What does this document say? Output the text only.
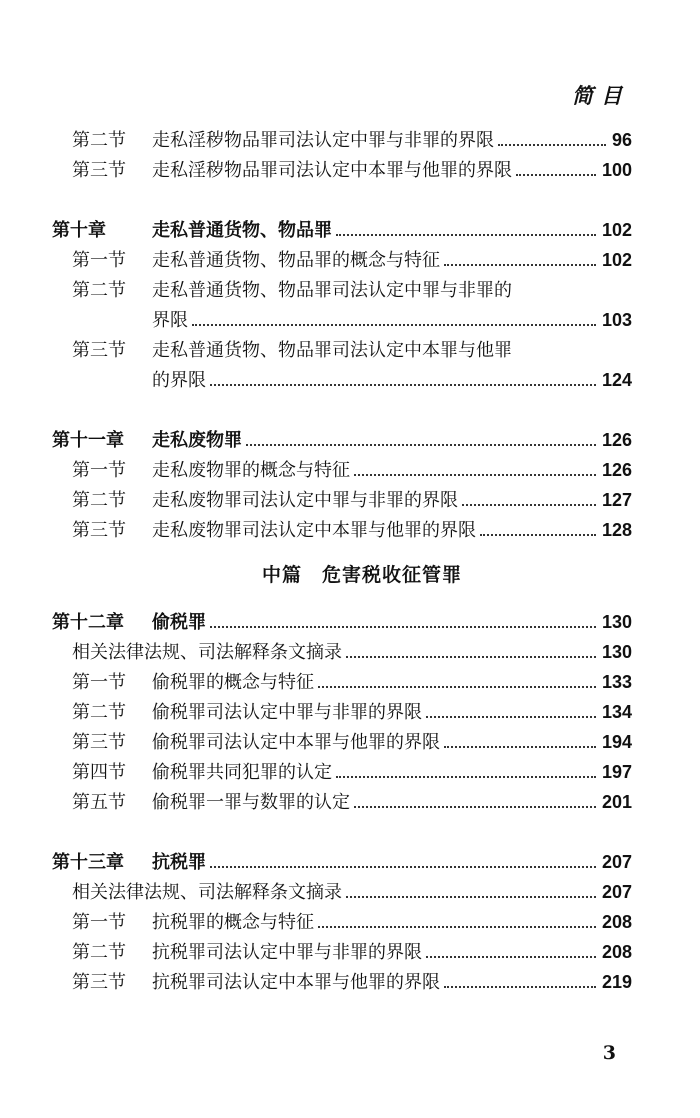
简目
第二节 走私淫秽物品罪司法认定中罪与非罪的界限	96
第三节 走私淫秽物品罪司法认定中本罪与他罪的界限	100
第十章	走私普通货物、物品罪	102
第一节 走私普通货物、物品罪的概念与特征	102
第二节 走私普通货物、物品罪司法认定中罪与非罪的
界限	103
第三节 走私普通货物、物品罪司法认定中本罪与他罪
的界限	124
第十一章 走私废物罪	126
第一节 走私废物罪的概念与特征	126
第二节 走私废物罪司法认定中罪与非罪的界限	127
第三节 走私废物罪司法认定中本罪与他罪的界限	128
中篇　危害税收征管罪
第十二章 偷税罪	130
相关法律法规、司法解释条文摘录	130
第一节 偷税罪的概念与特征	133
第二节 偷税罪司法认定中罪与非罪的界限	134
第三节 偷税罪司法认定中本罪与他罪的界限	194
第四节 偷税罪共同犯罪的认定	197
第五节 偷税罪一罪与数罪的认定	201
第十三章 抗税罪	207
相关法律法规、司法解释条文摘录	207
第一节 抗税罪的概念与特征	208
第二节 抗税罪司法认定中罪与非罪的界限	208
第三节 抗税罪司法认定中本罪与他罪的界限	219
3
